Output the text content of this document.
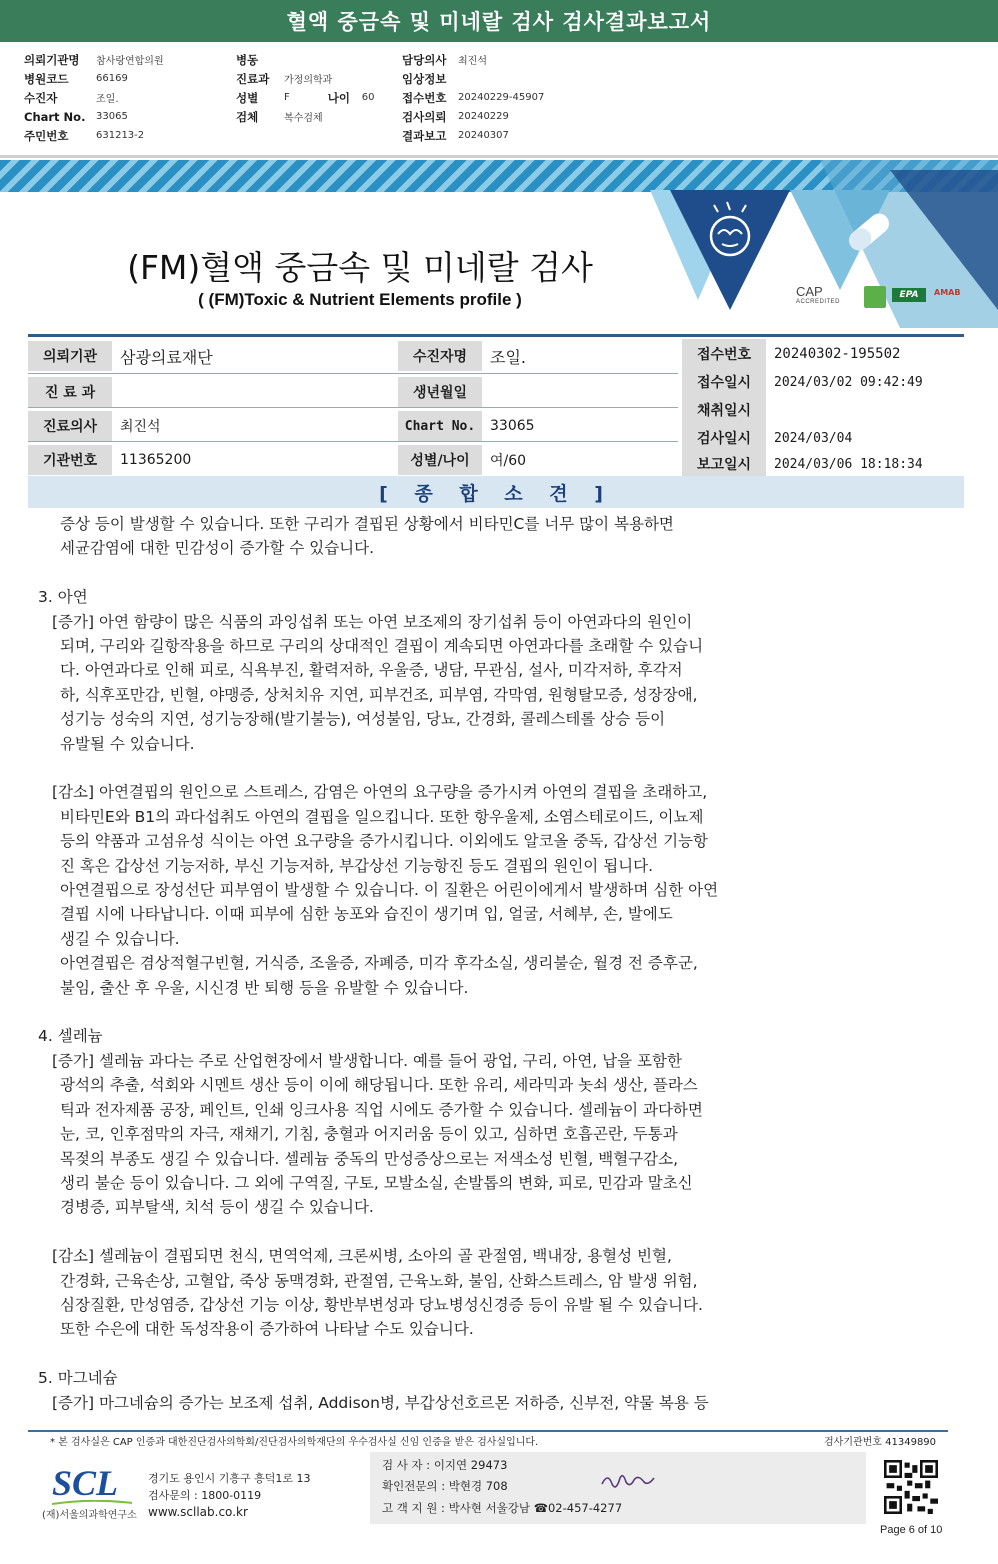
혈액 중금속 및 미네랄 검사 검사결과보고서
의뢰기관명	참사랑연합의원
병원코드	66169
수진자	조일.
Chart No.	33065
주민번호	631213-2
병동
진료과	가정의학과
성별	F	나이	60
검체	복수검체
담당의사	최진석
임상정보
접수번호	20240229-45907
검사의뢰	20240229
결과보고	20240307
(FM)혈액 중금속 및 미네랄 검사
( (FM)Toxic & Nutrient Elements profile )	CAP
ACCREDITED
EPA	AMAB
의뢰기관	삼광의료재단
진 료 과
진료의사	최진석
기관번호	11365200
수진자명	조일.
생년월일
Chart No.	33065
성별/나이	여/60
접수번호	20240302-195502
접수일시	2024/03/02 09:42:49
채취일시
검사일시	2024/03/04
보고일시	2024/03/06 18:18:34
[ 종 합 소 견 ]

증상 등이 발생할 수 있습니다. 또한 구리가 결핍된 상황에서 비타민C를 너무 많이 복용하면

세균감염에 대한 민감성이 증가할 수 있습니다.

3. 아연

[증가] 아연 함량이 많은 식품의 과잉섭취 또는 아연 보조제의 장기섭취 등이 아연과다의 원인이

되며, 구리와 길항작용을 하므로 구리의 상대적인 결핍이 계속되면 아연과다를 초래할 수 있습니

다. 아연과다로 인해 피로, 식욕부진, 활력저하, 우울증, 냉담, 무관심, 설사, 미각저하, 후각저

하, 식후포만감, 빈혈, 야맹증, 상처치유 지연, 피부건조, 피부염, 각막염, 원형탈모증, 성장장애,

성기능 성숙의 지연, 성기능장해(발기불능), 여성불임, 당뇨, 간경화, 콜레스테롤 상승 등이

유발될 수 있습니다.

[감소] 아연결핍의 원인으로 스트레스, 감염은 아연의 요구량을 증가시켜 아연의 결핍을 초래하고,

비타민E와 B1의 과다섭취도 아연의 결핍을 일으킵니다. 또한 항우울제, 소염스테로이드, 이뇨제

등의 약품과 고섬유성 식이는 아연 요구량을 증가시킵니다. 이외에도 알코올 중독, 갑상선 기능항

진 혹은 갑상선 기능저하, 부신 기능저하, 부갑상선 기능항진 등도 결핍의 원인이 됩니다.

아연결핍으로 장성선단 피부염이 발생할 수 있습니다. 이 질환은 어린이에게서 발생하며 심한 아연

결핍 시에 나타납니다. 이때 피부에 심한 농포와 습진이 생기며 입, 얼굴, 서혜부, 손, 발에도

생길 수 있습니다.

아연결핍은 겸상적혈구빈혈, 거식증, 조울증, 자폐증, 미각 후각소실, 생리불순, 월경 전 증후군,

불임, 출산 후 우울, 시신경 반 퇴행 등을 유발할 수 있습니다.

4. 셀레늄

[증가] 셀레늄 과다는 주로 산업현장에서 발생합니다. 예를 들어 광업, 구리, 아연, 납을 포함한

광석의 추출, 석회와 시멘트 생산 등이 이에 해당됩니다. 또한 유리, 세라믹과 놋쇠 생산, 플라스

틱과 전자제품 공장, 페인트, 인쇄 잉크사용 직업 시에도 증가할 수 있습니다. 셀레늄이 과다하면

눈, 코, 인후점막의 자극, 재채기, 기침, 충혈과 어지러움 등이 있고, 심하면 호흡곤란, 두통과

목젖의 부종도 생길 수 있습니다. 셀레늄 중독의 만성증상으로는 저색소성 빈혈, 백혈구감소,

생리 불순 등이 있습니다. 그 외에 구역질, 구토, 모발소실, 손발톱의 변화, 피로, 민감과 말초신

경병증, 피부탈색, 치석 등이 생길 수 있습니다.

[감소] 셀레늄이 결핍되면 천식, 면역억제, 크론씨병, 소아의 골 관절염, 백내장, 용혈성 빈혈,

간경화, 근육손상, 고혈압, 죽상 동맥경화, 관절염, 근육노화, 불임, 산화스트레스, 암 발생 위험,

심장질환, 만성염증, 갑상선 기능 이상, 황반부변성과 당뇨병성신경증 등이 유발 될 수 있습니다.

또한 수은에 대한 독성작용이 증가하여 나타날 수도 있습니다.

5. 마그네슘

[증가] 마그네슘의 증가는 보조제 섭취, Addison병, 부갑상선호르몬 저하증, 신부전, 약물 복용 등

* 본 검사실은 CAP 인증과 대한진단검사의학회/진단검사의학재단의 우수검사실 신임 인증을 받은 검사실입니다.	검사기관번호 41349890
SCL
(재)서울의과학연구소
경기도 용인시 기흥구 흥덕1로 13
검사문의 : 1800-0119
www.scllab.co.kr
검 사 자 : 이지연 29473
확인전문의 : 박현경 708
고 객 지 원 : 박사현 서울강남 ☎02-457-4277
Page 6 of 10
